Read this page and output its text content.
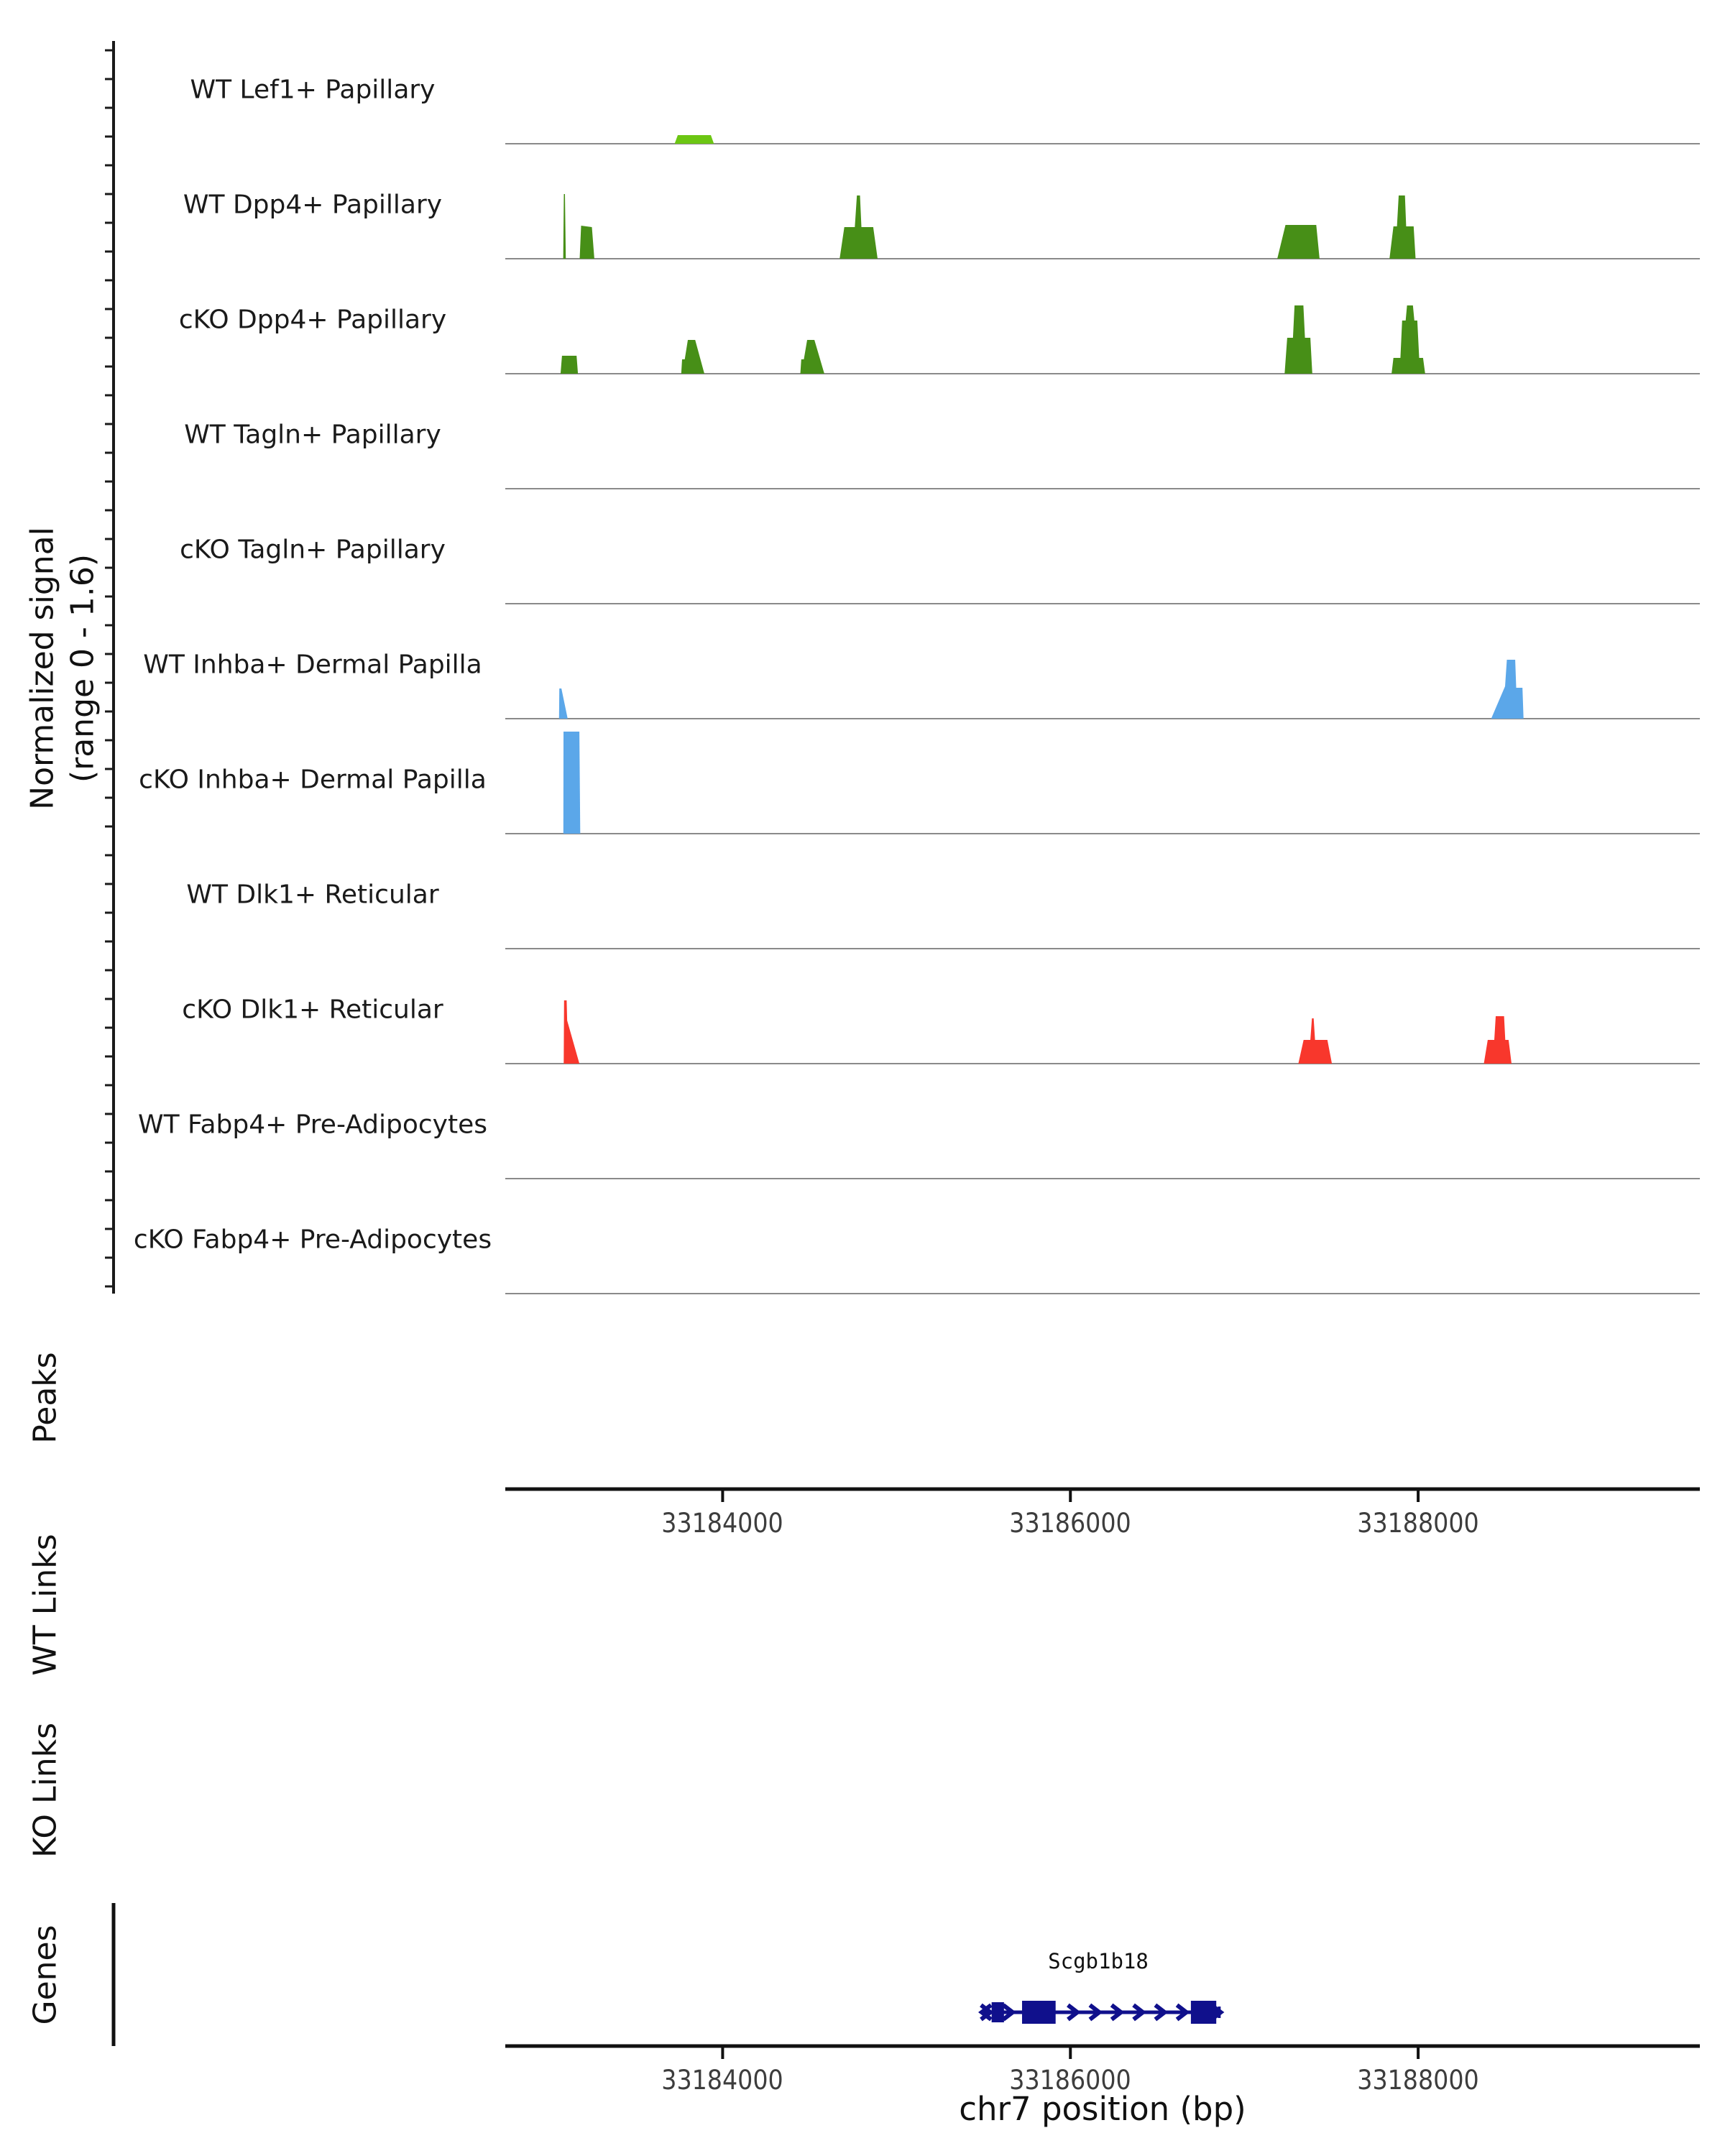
Normalized signal (range 0 - 1.6)
Peaks
WT Links
KO Links
Genes
chr7 position (bp)
Scgb1b18
WT Lef1+ Papillary
WT Dpp4+ Papillary
cKO Dpp4+ Papillary
WT Tagln+ Papillary
cKO Tagln+ Papillary
WT Inhba+ Dermal Papilla
cKO Inhba+ Dermal Papilla
WT Dlk1+ Reticular
cKO Dlk1+ Reticular
WT Fabp4+ Pre-Adipocytes
cKO Fabp4+ Pre-Adipocytes
33184000	33186000	33188000
33184000	33186000	33188000
